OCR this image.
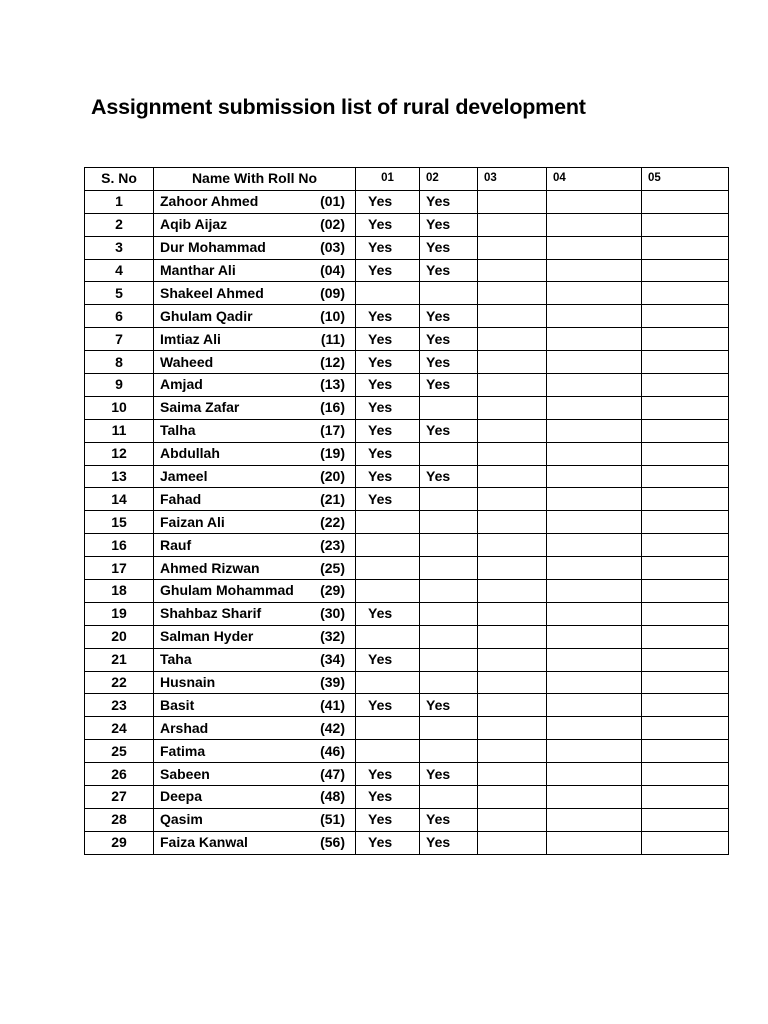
Assignment submission list of rural development
S. No	Name With Roll No	01	02	03	04	05
1	Zahoor Ahmed (01)	Yes	Yes			
2	Aqib Aijaz (02)	Yes	Yes			
3	Dur Mohammad (03)	Yes	Yes			
4	Manthar Ali (04)	Yes	Yes			
5	Shakeel Ahmed (09)					

6	Ghulam Qadir (10)	Yes	Yes			
7	Imtiaz Ali (11)	Yes	Yes			
8	Waheed (12)	Yes	Yes			
9	Amjad (13)	Yes	Yes			
10	Saima Zafar (16)	Yes				
11	Talha (17)	Yes	Yes			
12	Abdullah (19)	Yes				
13	Jameel (20)	Yes	Yes			
14	Fahad (21)	Yes				
15	Faizan Ali (22)					

16	Rauf (23)					

17	Ahmed Rizwan (25)					

18	Ghulam Mohammad (29)					

19	Shahbaz Sharif (30)	Yes				
20	Salman Hyder (32)					

21	Taha (34)	Yes				
22	Husnain (39)					

23	Basit (41)	Yes	Yes			
24	Arshad (42)					

25	Fatima (46)					

26	Sabeen (47)	Yes	Yes			
27	Deepa (48)	Yes				
28	Qasim (51)	Yes	Yes			
29	Faiza Kanwal (56)	Yes	Yes			
